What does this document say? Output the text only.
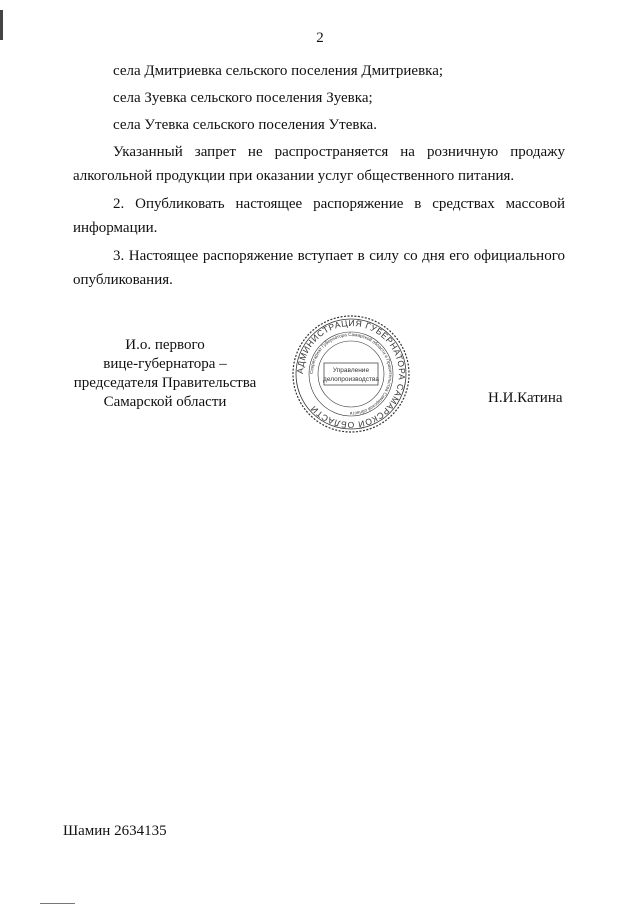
2
села Дмитриевка сельского поселения Дмитриевка;
села Зуевка сельского поселения Зуевка;
села Утевка сельского поселения Утевка.
Указанный запрет не распространяется на розничную продажу
алкогольной продукции при оказании услуг общественного питания.
2. Опубликовать настоящее распоряжение в средствах массовой
информации.
3. Настоящее распоряжение вступает в силу со дня его официального
опубликования.
И.о. первого
вице-губернатора –
председателя Правительства
Самарской области
АДМИНИСТРАЦИЯ ГУБЕРНАТОРА САМАРСКОЙ ОБЛАСТИ
Секретариат Губернатора Самарской области и Правительства Самарской области
Управление
делопроизводства
Н.И.Катина
Шамин 2634135
